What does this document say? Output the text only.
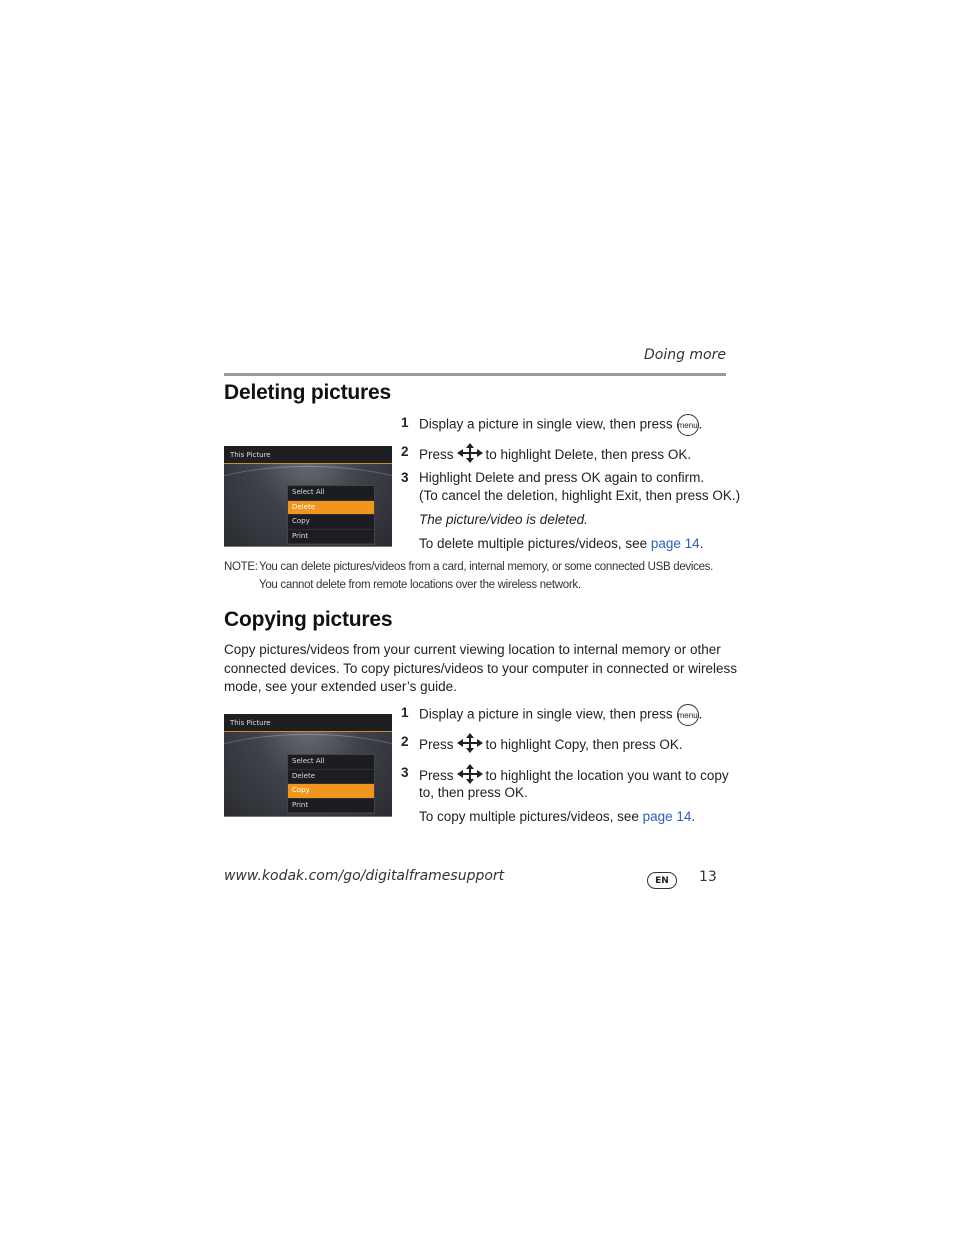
Doing more
Deleting pictures
This Picture
Select All
Delete
Copy
Print
1 Display a picture in single view, then press menu.
2 Press to highlight Delete, then press OK.
3 Highlight Delete and press OK again to confirm.
(To cancel the deletion, highlight Exit, then press OK.)
The picture/video is deleted.
To delete multiple pictures/videos, see page 14.
NOTE: You can delete pictures/videos from a card, internal memory, or some connected USB devices.
You cannot delete from remote locations over the wireless network.
Copying pictures
Copy pictures/videos from your current viewing location to internal memory or other
connected devices. To copy pictures/videos to your computer in connected or wireless
mode, see your extended user’s guide.
This Picture
Select All
Delete
Copy
Print
1 Display a picture in single view, then press menu.
2 Press to highlight Copy, then press OK.
3 Press to highlight the location you want to copy
to, then press OK.
To copy multiple pictures/videos, see page 14.
www.kodak.com/go/digitalframesupport	EN	13
